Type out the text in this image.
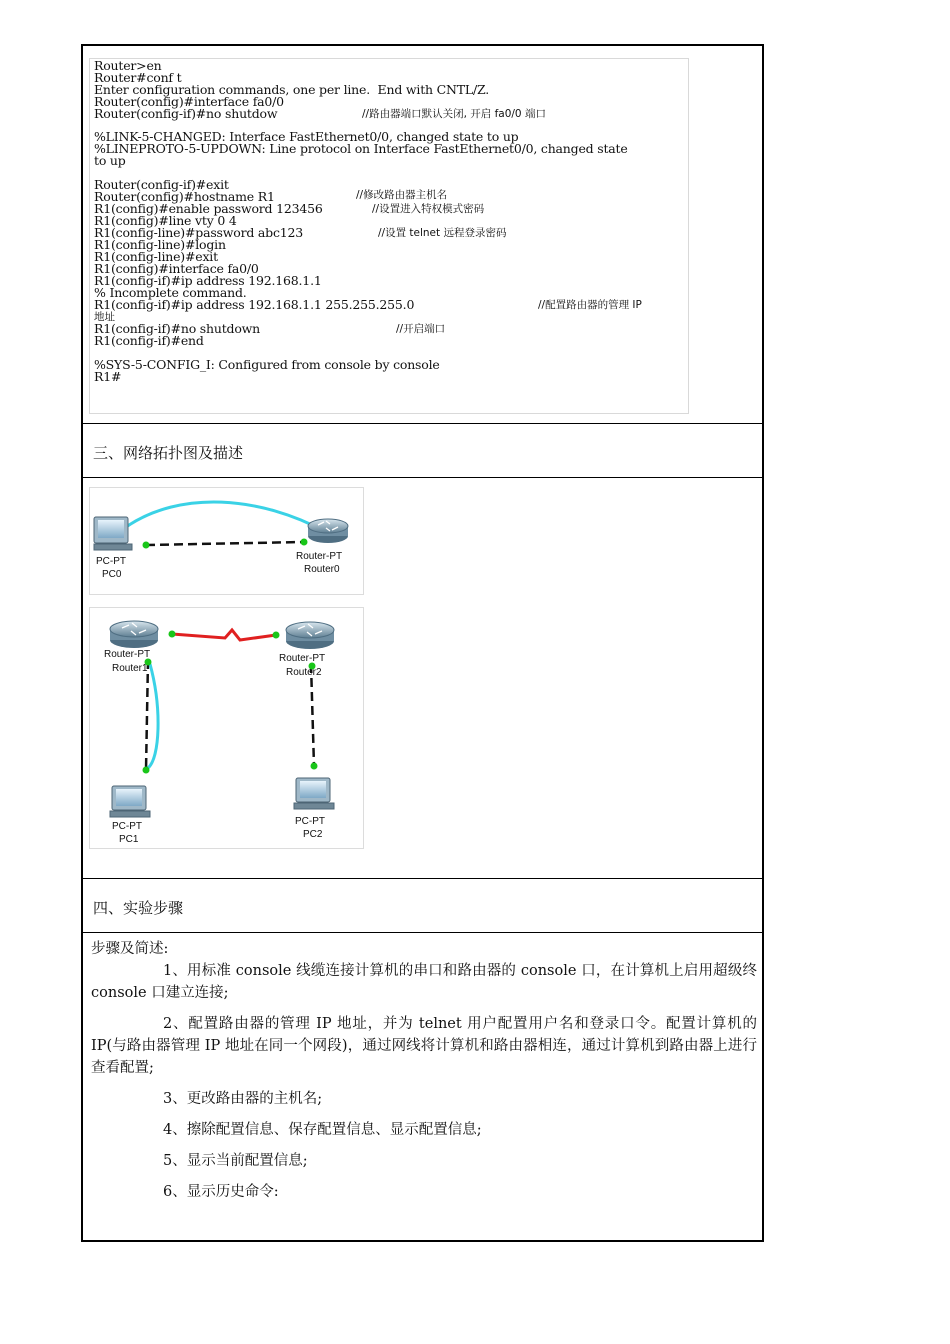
Router>en
Router#conf t
Enter configuration commands, one per line.  End with CNTL/Z.
Router(config)#interface fa0/0
Router(config-if)#no shutdow	//路由器端口默认关闭, 开启 fa0/0 端口
%LINK-5-CHANGED: Interface FastEthernet0/0, changed state to up
%LINEPROTO-5-UPDOWN: Line protocol on Interface FastEthernet0/0, changed state
to up
Router(config-if)#exit
Router(config)#hostname R1	//修改路由器主机名
R1(config)#enable password 123456	//设置进入特权模式密码
R1(config)#line vty 0 4
R1(config-line)#password abc123	//设置 telnet 远程登录密码
R1(config-line)#login
R1(config-line)#exit
R1(config)#interface fa0/0
R1(config-if)#ip address 192.168.1.1
% Incomplete command.
R1(config-if)#ip address 192.168.1.1 255.255.255.0	//配置路由器的管理 IP
地址
R1(config-if)#no shutdown	//开启端口
R1(config-if)#end
%SYS-5-CONFIG_I: Configured from console by console
R1#
三、网络拓扑图及描述
PC-PT
PC0
Router-PT
Router0
Router-PT
Router1
Router-PT
Router2
PC-PT
PC1
PC-PT
PC2
四、实验步骤

步骤及简述:

1、用标准 console 线缆连接计算机的串口和路由器的 console 口，在计算机上启用超级终 console 口建立连接;

2、配置路由器的管理 IP 地址，并为 telnet 用户配置用户名和登录口令。配置计算机的 IP(与路由器管理 IP 地址在同一个网段)，通过网线将计算机和路由器相连，通过计算机到路由器上进行查看配置;

3、更改路由器的主机名;

4、擦除配置信息、保存配置信息、显示配置信息;

5、显示当前配置信息;

6、显示历史命令:
